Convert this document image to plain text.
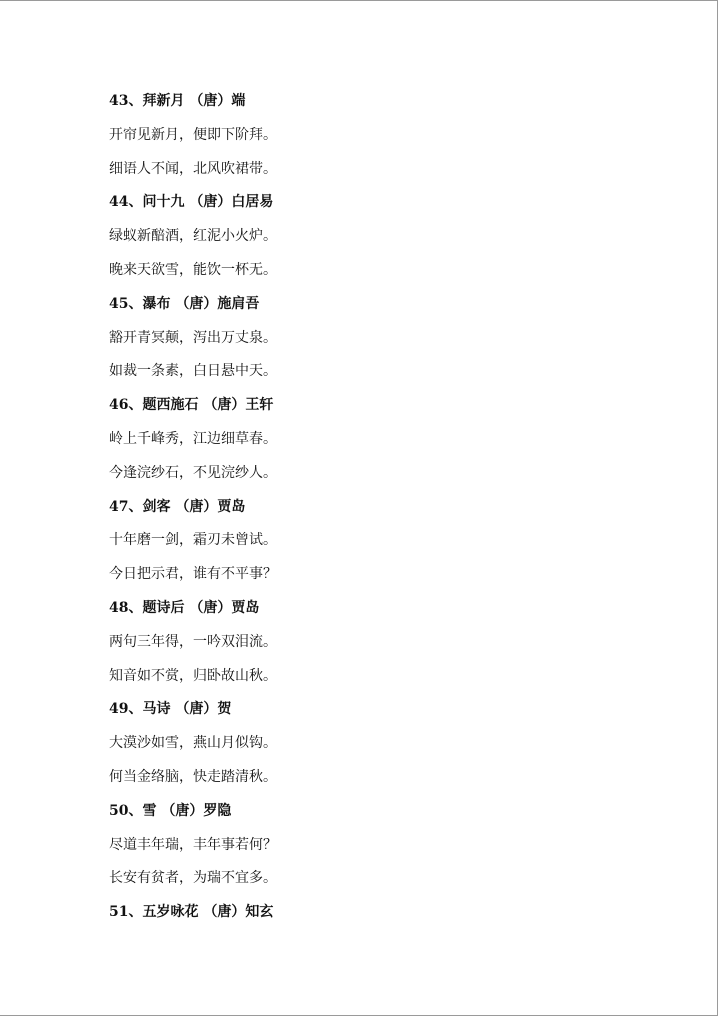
43、拜新月 （唐）端
开帘见新月，便即下阶拜。
细语人不闻，北风吹裙带。
44、问十九 （唐）白居易
绿蚁新醅酒，红泥小火炉。
晚来天欲雪，能饮一杯无。
45、瀑布 （唐）施肩吾
豁开青冥颠，泻出万丈泉。
如裁一条素，白日悬中天。
46、题西施石 （唐）王轩
岭上千峰秀，江边细草春。
今逢浣纱石，不见浣纱人。
47、剑客 （唐）贾岛
十年磨一剑，霜刃未曾试。
今日把示君，谁有不平事？
48、题诗后 （唐）贾岛
两句三年得，一吟双泪流。
知音如不赏，归卧故山秋。
49、马诗 （唐）贺
大漠沙如雪，燕山月似钩。
何当金络脑，快走踏清秋。
50、雪 （唐）罗隐
尽道丰年瑞，丰年事若何？
长安有贫者，为瑞不宜多。
51、五岁咏花 （唐）知玄
